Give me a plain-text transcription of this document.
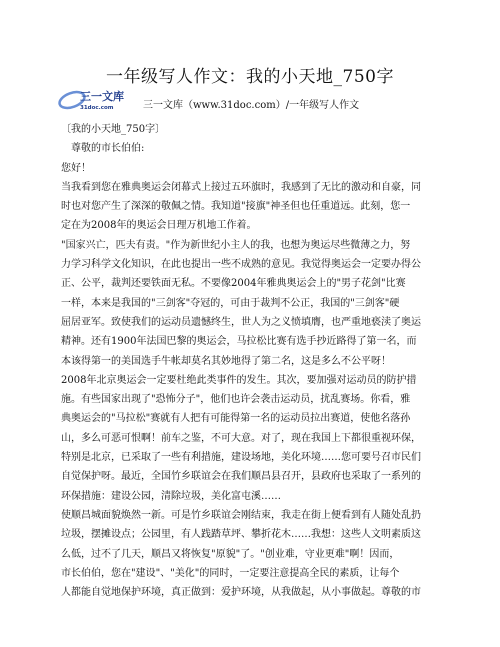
一年级写人作文：我的小天地_750字
三一文库
31doc.com	三一文库（www.31doc.com）/一年级写人作文
〔我的小天地_750字〕
尊敬的市长伯伯:
您好！
当我看到您在雅典奥运会闭幕式上接过五环旗时，我感到了无比的激动和自豪，同
时也对您产生了深深的敬佩之情。我知道"接旗"神圣但也任重道远。此刻，您一
定在为2008年的奥运会日理万机地工作着。
"国家兴亡，匹夫有责。"作为新世纪小主人的我，也想为奥运尽些微薄之力，努
力学习科学文化知识，在此也提出一些不成熟的意见。我觉得奥运会一定要办得公
正、公平，裁判还要铁面无私。不要像2004年雅典奥运会上的"男子花剑"比赛
一样，本来是我国的"三剑客"夺冠的，可由于裁判不公正，我国的"三剑客"硬
屈居亚军。致使我们的运动员遗憾终生，世人为之义愤填膺，也严重地亵渎了奥运
精神。还有1900年法国巴黎的奥运会，马拉松比赛有选手抄近路得了第一名，而
本该得第一的美国选手牛帐却莫名其妙地得了第二名，这是多么不公平呀！
2008年北京奥运会一定要杜绝此类事件的发生。其次，要加强对运动员的防护措
施。有些国家出现了"恐怖分子"，他们也许会袭击运动员，扰乱赛场。你看，雅
典奥运会的"马拉松"赛就有人把有可能得第一名的运动员拉出赛道，使他名落孙
山，多么可恶可恨啊！前车之鉴，不可大意。对了，现在我国上下都很重视环保，
特别是北京，已采取了一些有利措施，建设场地，美化环境……您可要号召市民们
自觉保护呀。最近，全国竹乡联谊会在我们顺昌县召开，县政府也采取了一系列的
环保措施：建设公园，清除垃圾，美化富屯溪……
使顺昌城面貌焕然一新。可是竹乡联谊会刚结束，我走在街上便看到有人随处乱扔
垃圾，摆摊设点；公园里，有人践踏草坪、攀折花木……我想：这些人文明素质这
么低，过不了几天，顺昌又将恢复"原貌"了。"创业难，守业更难"啊！因而，
市长伯伯，您在"建设"、"美化"的同时，一定要注意提高全民的素质，让每个
人都能自觉地保护环境，真正做到：爱护环境，从我做起，从小事做起。尊敬的市
